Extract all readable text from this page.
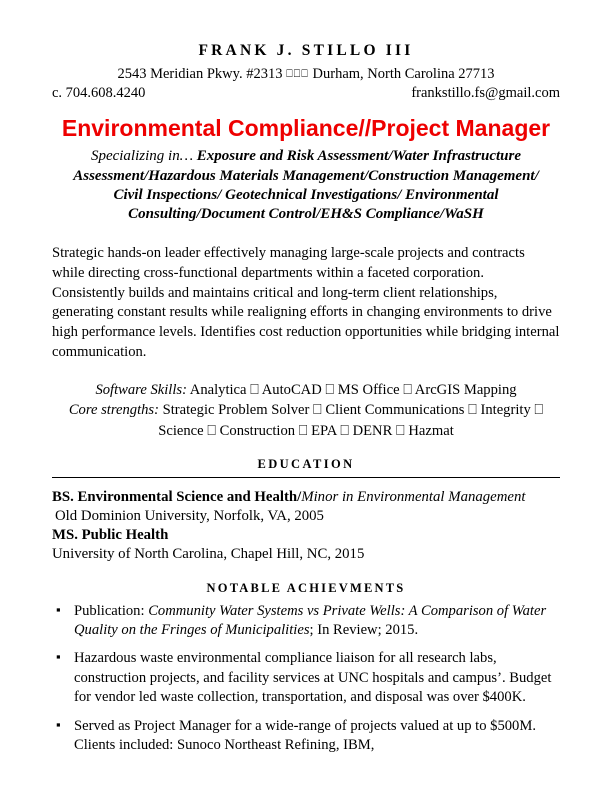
FRANK J. STILLO III
2543 Meridian Pkwy. #2313 ⎕⎕⎕ Durham, North Carolina 27713
c. 704.608.4240	frankstillo.fs@gmail.com
Environmental Compliance//Project Manager
Specializing in… Exposure and Risk Assessment/Water Infrastructure Assessment/Hazardous Materials Management/Construction Management/ Civil Inspections/ Geotechnical Investigations/ Environmental Consulting/Document Control/EH&S Compliance/WaSH
Strategic hands-on leader effectively managing large-scale projects and contracts while directing cross-functional departments within a faceted corporation. Consistently builds and maintains critical and long-term client relationships, generating constant results while realigning efforts in changing environments to drive high performance levels. Identifies cost reduction opportunities while bridging internal communication.
Software Skills: Analytica ⎕ AutoCAD ⎕ MS Office ⎕ ArcGIS Mapping
Core strengths: Strategic Problem Solver ⎕ Client Communications ⎕ Integrity ⎕ Science ⎕ Construction ⎕ EPA ⎕ DENR ⎕ Hazmat
EDUCATION
BS. Environmental Science and Health/Minor in Environmental Management
Old Dominion University, Norfolk, VA, 2005
MS. Public Health
University of North Carolina, Chapel Hill, NC, 2015
NOTABLE ACHIEVMENTS
▪ Publication: Community Water Systems vs Private Wells: A Comparison of Water Quality on the Fringes of Municipalities; In Review; 2015.
▪ Hazardous waste environmental compliance liaison for all research labs, construction projects, and facility services at UNC hospitals and campus’. Budget for vendor led waste collection, transportation, and disposal was over $400K.
▪ Served as Project Manager for a wide-range of projects valued at up to $500M. Clients included: Sunoco Northeast Refining, IBM,
